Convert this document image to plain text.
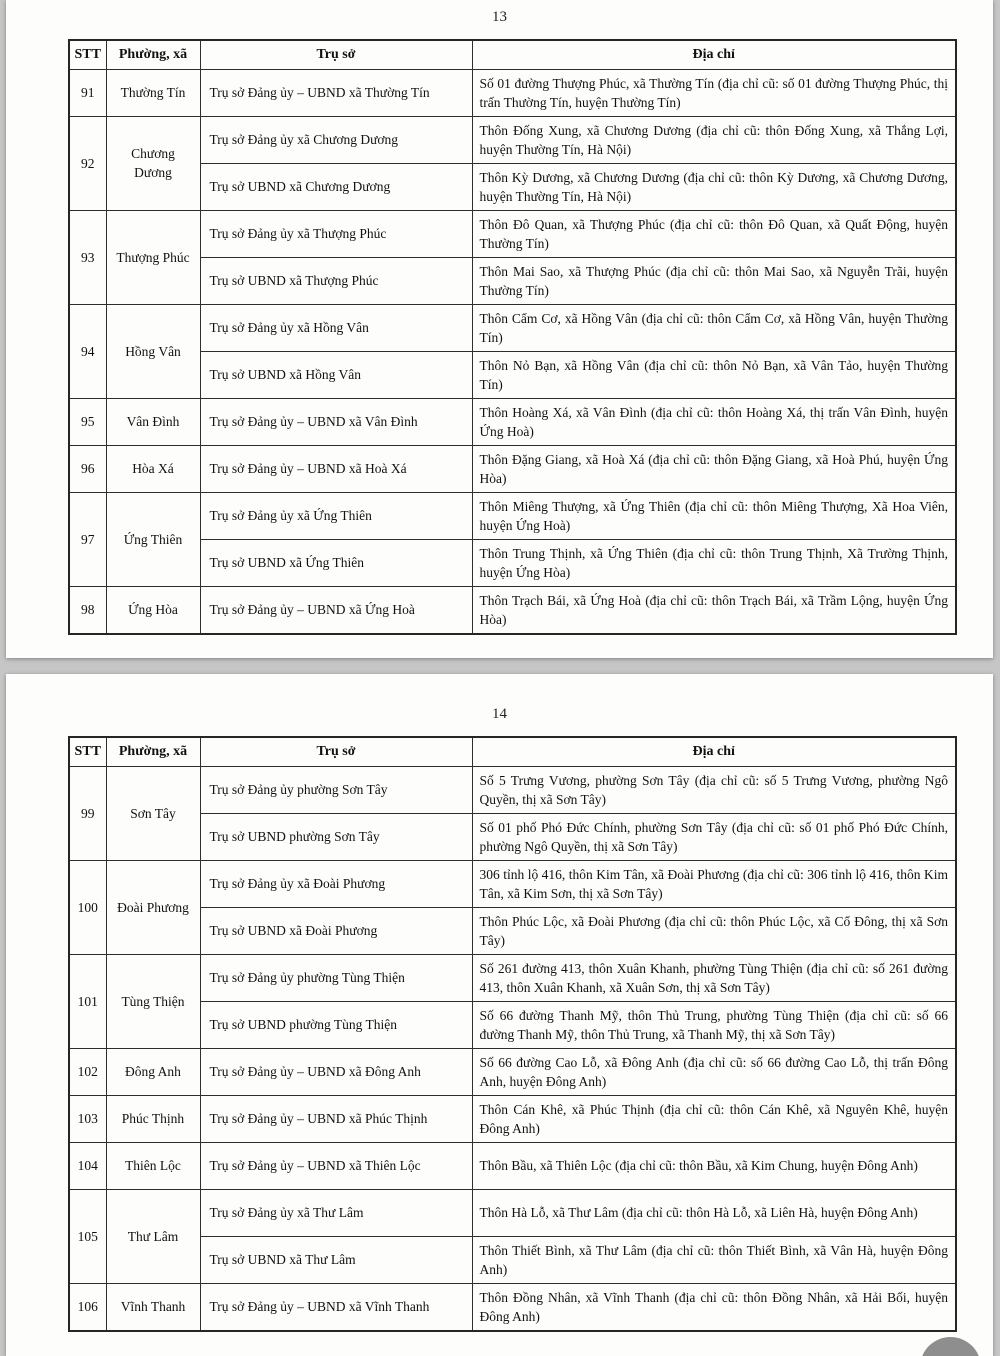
13
STT	Phường, xã	Trụ sở	Địa chỉ
91	Thường Tín	Trụ sở Đảng ủy – UBND xã Thường Tín	Số 01 đường Thượng Phúc, xã Thường Tín (địa chỉ cũ: số 01 đường Thượng Phúc, thị trấn Thường Tín, huyện Thường Tín)
92	Chương Dương	Trụ sở Đảng ủy xã Chương Dương	Thôn Đống Xung, xã Chương Dương (địa chỉ cũ: thôn Đống Xung, xã Thắng Lợi, huyện Thường Tín, Hà Nội)
		Trụ sở UBND xã Chương Dương	Thôn Kỳ Dương, xã Chương Dương (địa chỉ cũ: thôn Kỳ Dương, xã Chương Dương, huyện Thường Tín, Hà Nội)
93	Thượng Phúc	Trụ sở Đảng ủy xã Thượng Phúc	Thôn Đô Quan, xã Thượng Phúc (địa chỉ cũ: thôn Đô Quan, xã Quất Động, huyện Thường Tín)
		Trụ sở UBND xã Thượng Phúc	Thôn Mai Sao, xã Thượng Phúc (địa chỉ cũ: thôn Mai Sao, xã Nguyễn Trãi, huyện Thường Tín)
94	Hồng Vân	Trụ sở Đảng ủy xã Hồng Vân	Thôn Cẩm Cơ, xã Hồng Vân (địa chỉ cũ: thôn Cẩm Cơ, xã Hồng Vân, huyện Thường Tín)
		Trụ sở UBND xã Hồng Vân	Thôn Nỏ Bạn, xã Hồng Vân (địa chỉ cũ: thôn Nỏ Bạn, xã Vân Tảo, huyện Thường Tín)
95	Vân Đình	Trụ sở Đảng ủy – UBND xã Vân Đình	Thôn Hoàng Xá, xã Vân Đình (địa chỉ cũ: thôn Hoàng Xá, thị trấn Vân Đình, huyện Ứng Hoà)
96	Hòa Xá	Trụ sở Đảng ủy – UBND xã Hoà Xá	Thôn Đặng Giang, xã Hoà Xá (địa chỉ cũ: thôn Đặng Giang, xã Hoà Phú, huyện Ứng Hòa)
97	Ứng Thiên	Trụ sở Đảng ủy xã Ứng Thiên	Thôn Miêng Thượng, xã Ứng Thiên (địa chỉ cũ: thôn Miêng Thượng, Xã Hoa Viên, huyện Ứng Hoà)
		Trụ sở UBND xã Ứng Thiên	Thôn Trung Thịnh, xã Ứng Thiên (địa chỉ cũ: thôn Trung Thịnh, Xã Trường Thịnh, huyện Ứng Hòa)
98	Ứng Hòa	Trụ sở Đảng ủy – UBND xã Ứng Hoà	Thôn Trạch Bái, xã Ứng Hoà (địa chỉ cũ: thôn Trạch Bái, xã Trầm Lộng, huyện Ứng Hòa)
14
STT	Phường, xã	Trụ sở	Địa chỉ
99	Sơn Tây	Trụ sở Đảng ủy phường Sơn Tây	Số 5 Trưng Vương, phường Sơn Tây (địa chỉ cũ: số 5 Trưng Vương, phường Ngô Quyền, thị xã Sơn Tây)
		Trụ sở UBND phường Sơn Tây	Số 01 phố Phó Đức Chính, phường Sơn Tây (địa chỉ cũ: số 01 phố Phó Đức Chính, phường Ngô Quyền, thị xã Sơn Tây)
100	Đoài Phương	Trụ sở Đảng ủy xã Đoài Phương	306 tỉnh lộ 416, thôn Kim Tân, xã Đoài Phương (địa chỉ cũ: 306 tỉnh lộ 416, thôn Kim Tân, xã Kim Sơn, thị xã Sơn Tây)
		Trụ sở UBND xã Đoài Phương	Thôn Phúc Lộc, xã Đoài Phương (địa chỉ cũ: thôn Phúc Lộc, xã Cổ Đông, thị xã Sơn Tây)
101	Tùng Thiện	Trụ sở Đảng ủy phường Tùng Thiện	Số 261 đường 413, thôn Xuân Khanh, phường Tùng Thiện (địa chỉ cũ: số 261 đường 413, thôn Xuân Khanh, xã Xuân Sơn, thị xã Sơn Tây)
		Trụ sở UBND phường Tùng Thiện	Số 66 đường Thanh Mỹ, thôn Thủ Trung, phường Tùng Thiện (địa chỉ cũ: số 66 đường Thanh Mỹ, thôn Thủ Trung, xã Thanh Mỹ, thị xã Sơn Tây)
102	Đông Anh	Trụ sở Đảng ủy – UBND xã Đông Anh	Số 66 đường Cao Lỗ, xã Đông Anh (địa chỉ cũ: số 66 đường Cao Lỗ, thị trấn Đông Anh, huyện Đông Anh)
103	Phúc Thịnh	Trụ sở Đảng ủy – UBND xã Phúc Thịnh	Thôn Cán Khê, xã Phúc Thịnh (địa chỉ cũ: thôn Cán Khê, xã Nguyên Khê, huyện Đông Anh)
104	Thiên Lộc	Trụ sở Đảng ủy – UBND xã Thiên Lộc	Thôn Bầu, xã Thiên Lộc (địa chỉ cũ: thôn Bầu, xã Kim Chung, huyện Đông Anh)
105	Thư Lâm	Trụ sở Đảng ủy xã Thư Lâm	Thôn Hà Lỗ, xã Thư Lâm (địa chỉ cũ: thôn Hà Lỗ, xã Liên Hà, huyện Đông Anh)
		Trụ sở UBND xã Thư Lâm	Thôn Thiết Bình, xã Thư Lâm (địa chỉ cũ: thôn Thiết Bình, xã Vân Hà, huyện Đông Anh)
106	Vĩnh Thanh	Trụ sở Đảng ủy – UBND xã Vĩnh Thanh	Thôn Đồng Nhân, xã Vĩnh Thanh (địa chỉ cũ: thôn Đồng Nhân, xã Hải Bối, huyện Đông Anh)
